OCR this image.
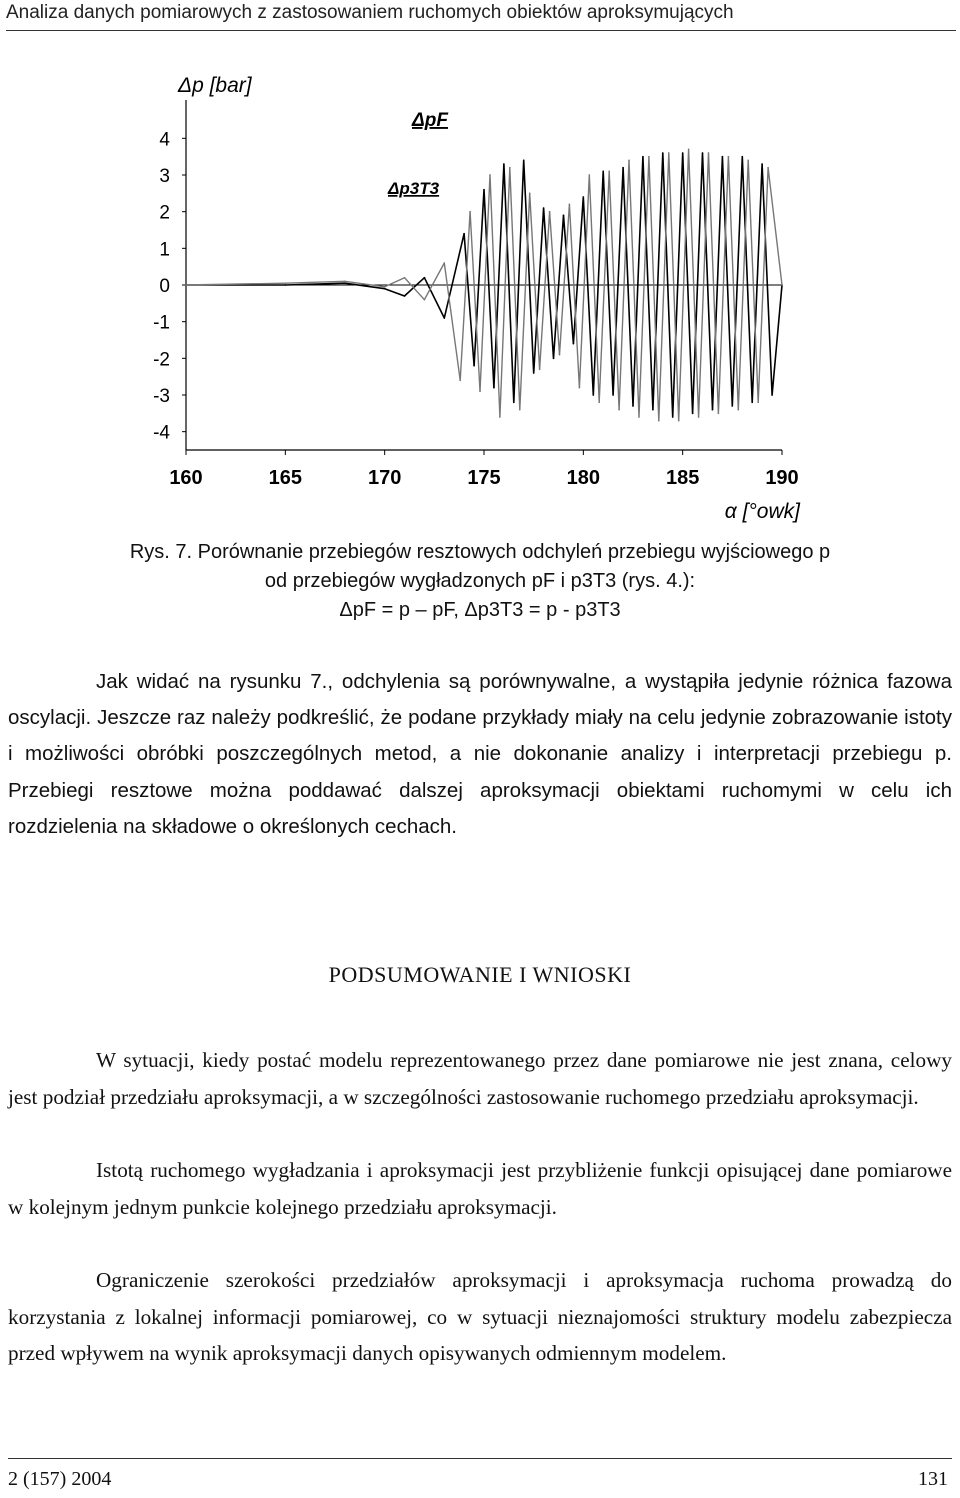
Analiza danych pomiarowych z zastosowaniem ruchomych obiektów aproksymujących
4
3
2
1
0
-1
-2
-3
-4
160	165	170	175	180	185	190
Δp [bar]
α [°owk]
ΔpF
Δp3T3
Rys. 7. Porównanie przebiegów resztowych odchyleń przebiegu wyjściowego p
od przebiegów wygładzonych pF i p3T3 (rys. 4.):
ΔpF = p – pF, Δp3T3 = p - p3T3
Jak widać na rysunku 7., odchylenia są porównywalne, a wystąpiła jedynie różnica fazowa oscylacji. Jeszcze raz należy podkreślić, że podane przykłady miały na celu jedynie zobrazowanie istoty i możliwości obróbki poszczególnych metod, a nie dokonanie analizy i interpretacji przebiegu p. Przebiegi resztowe można poddawać dalszej aproksymacji obiektami ruchomymi w celu ich rozdzielenia na składowe o określonych cechach.
PODSUMOWANIE I WNIOSKI
W sytuacji, kiedy postać modelu reprezentowanego przez dane pomiarowe nie jest znana, celowy jest podział przedziału aproksymacji, a w szczególności zastosowanie ruchomego przedziału aproksymacji.
Istotą ruchomego wygładzania i aproksymacji jest przybliżenie funkcji opisującej dane pomiarowe w kolejnym jednym punkcie kolejnego przedziału aproksymacji.
Ograniczenie szerokości przedziałów aproksymacji i aproksymacja ruchoma prowadzą do korzystania z lokalnej informacji pomiarowej, co w sytuacji nieznajomości struktury modelu zabezpiecza przed wpływem na wynik aproksymacji danych opisywanych odmiennym modelem.
2 (157) 2004	131
